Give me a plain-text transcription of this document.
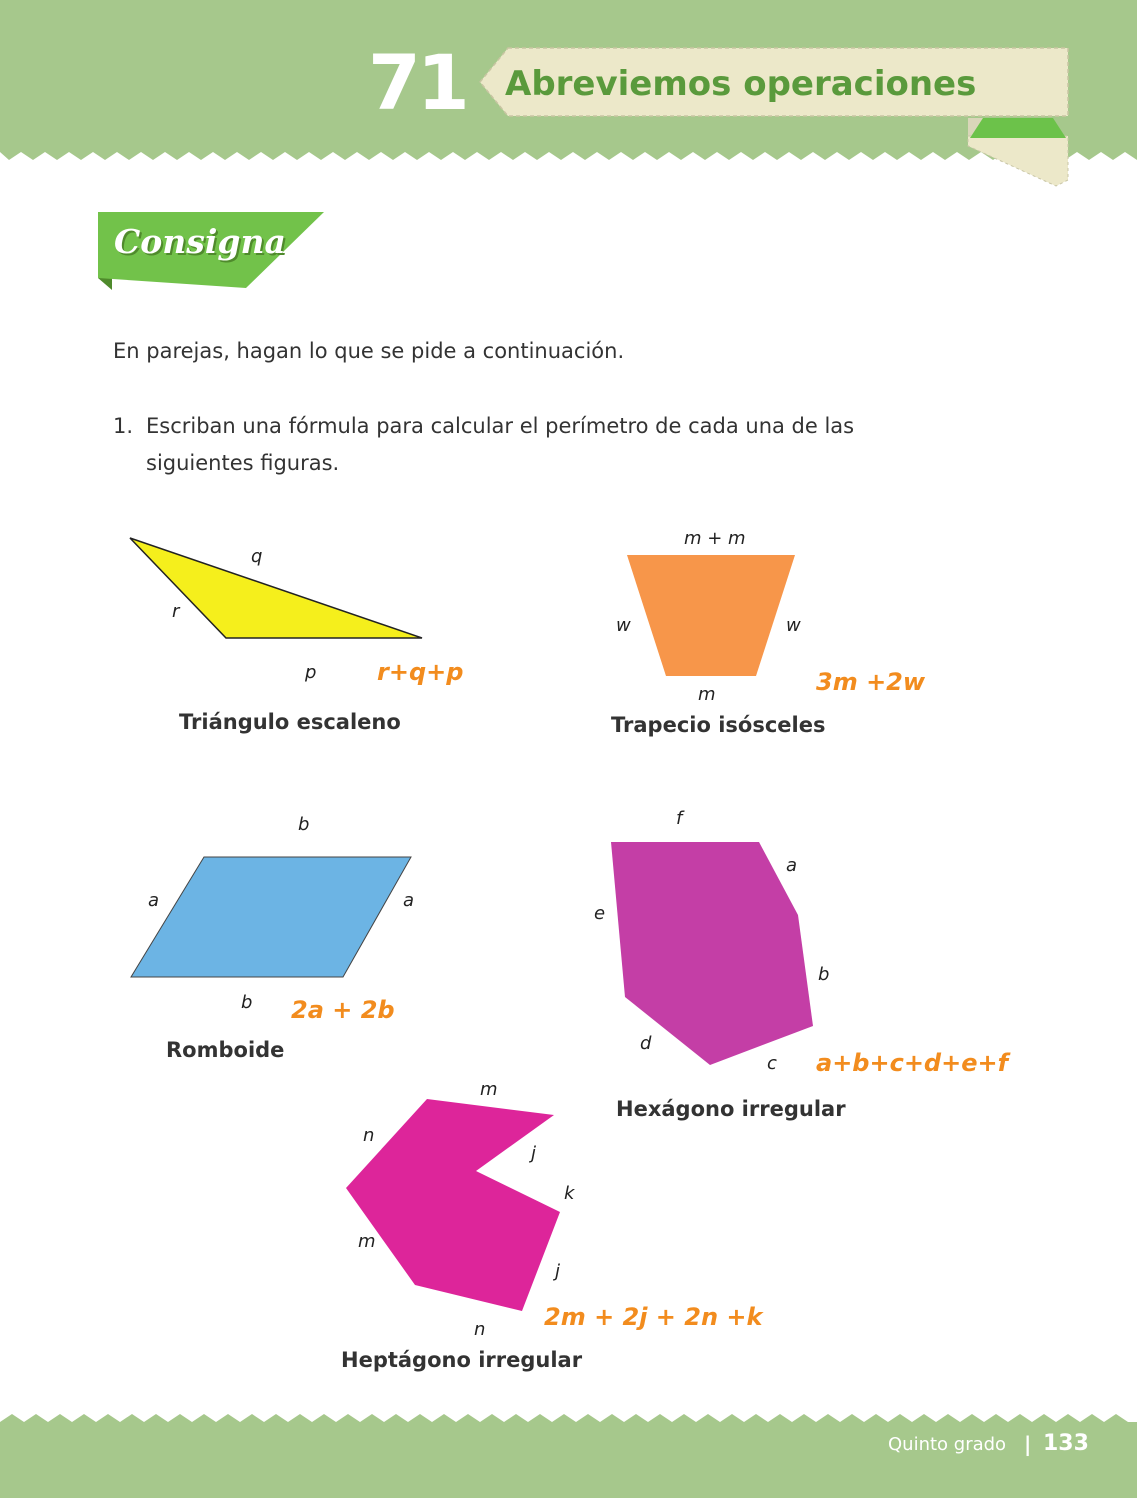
71 Abreviemos operaciones
Consigna
En parejas, hagan lo que se pide a continuación.
1. Escriban una fórmula para calcular el perímetro de cada una de las siguientes figuras.
q
r
p	r+q+p
Triángulo escaleno
m + m
w	w
m	3m +2w
Trapecio isósceles
b
a	a
b 2a + 2b
Romboide
f
a
e
b
d
c a+b+c+d+e+f
Hexágono irregular
m
n
j
k
m
j
n 2m + 2j + 2n +k
Heptágono irregular
Quinto grado | 133
